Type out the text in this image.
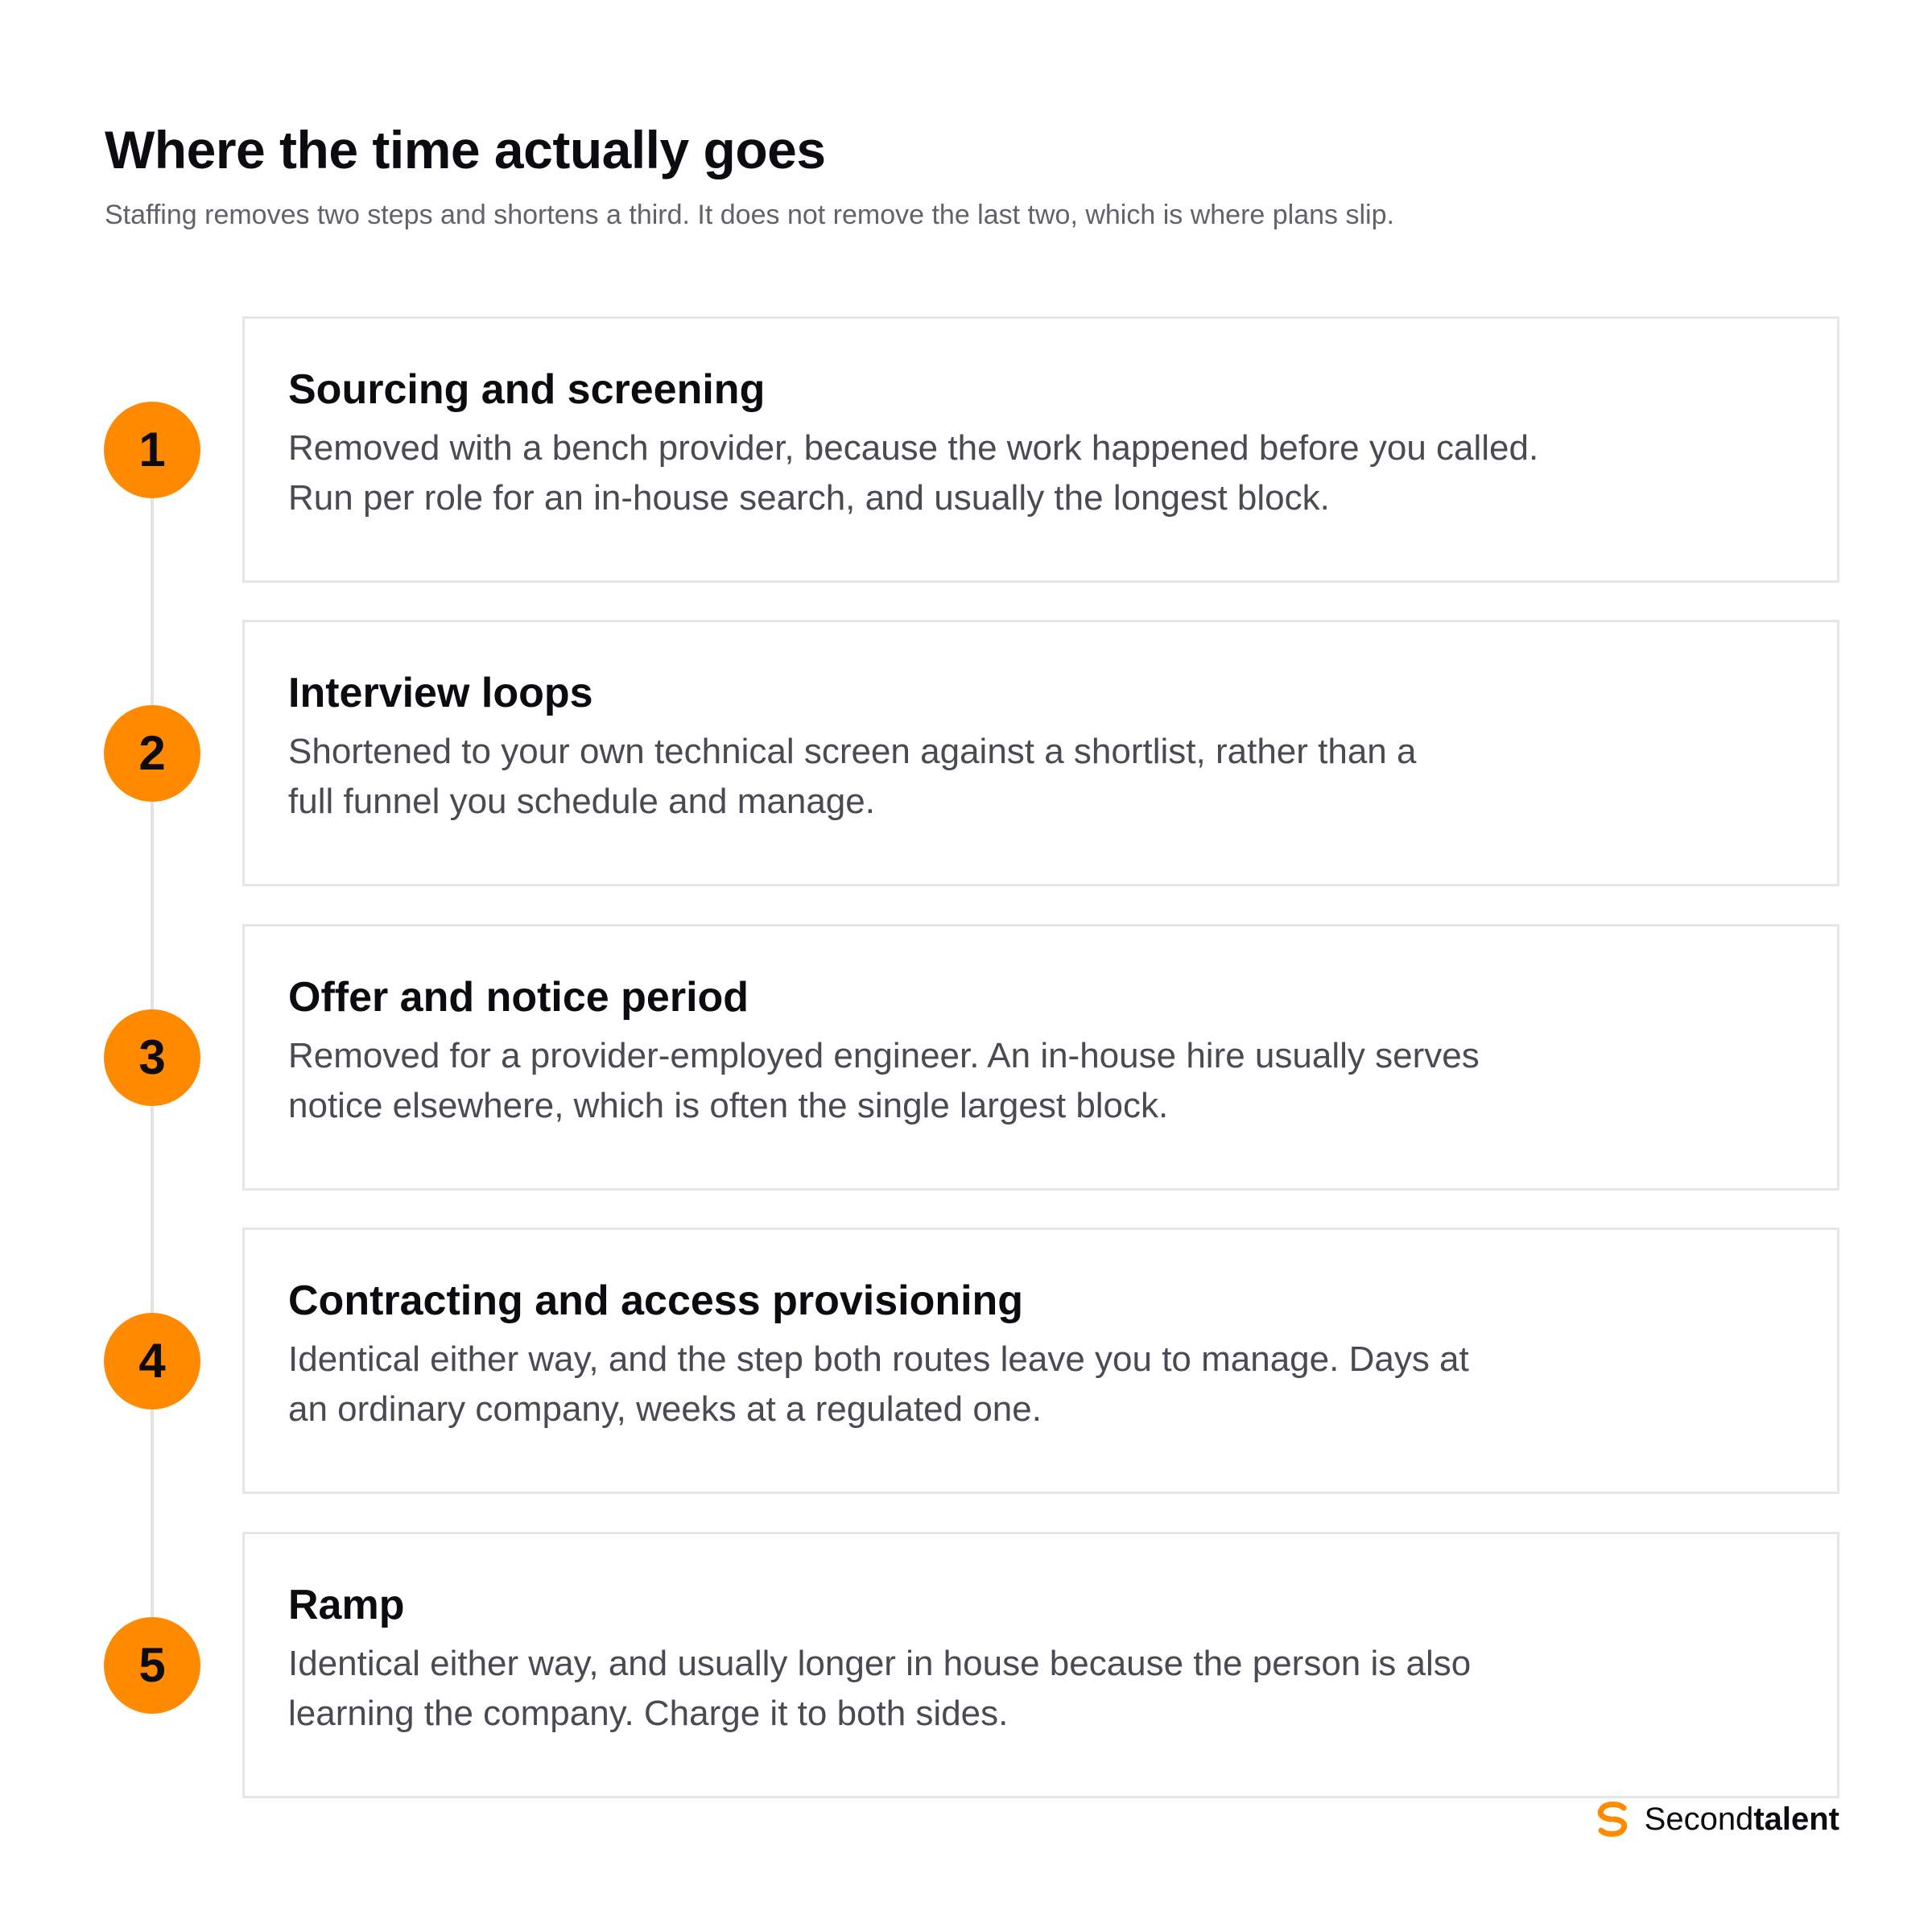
Where the time actually goes

Staffing removes two steps and shortens a third. It does not remove the last two, which is where plans slip.

1
Sourcing and screening

Removed with a bench provider, because the work happened before you called.
Run per role for an in-house search, and usually the longest block.

2
Interview loops

Shortened to your own technical screen against a shortlist, rather than a
full funnel you schedule and manage.

3
Offer and notice period

Removed for a provider-employed engineer. An in-house hire usually serves
notice elsewhere, which is often the single largest block.

4
Contracting and access provisioning

Identical either way, and the step both routes leave you to manage. Days at
an ordinary company, weeks at a regulated one.

5
Ramp

Identical either way, and usually longer in house because the person is also
learning the company. Charge it to both sides.

Secondtalent
